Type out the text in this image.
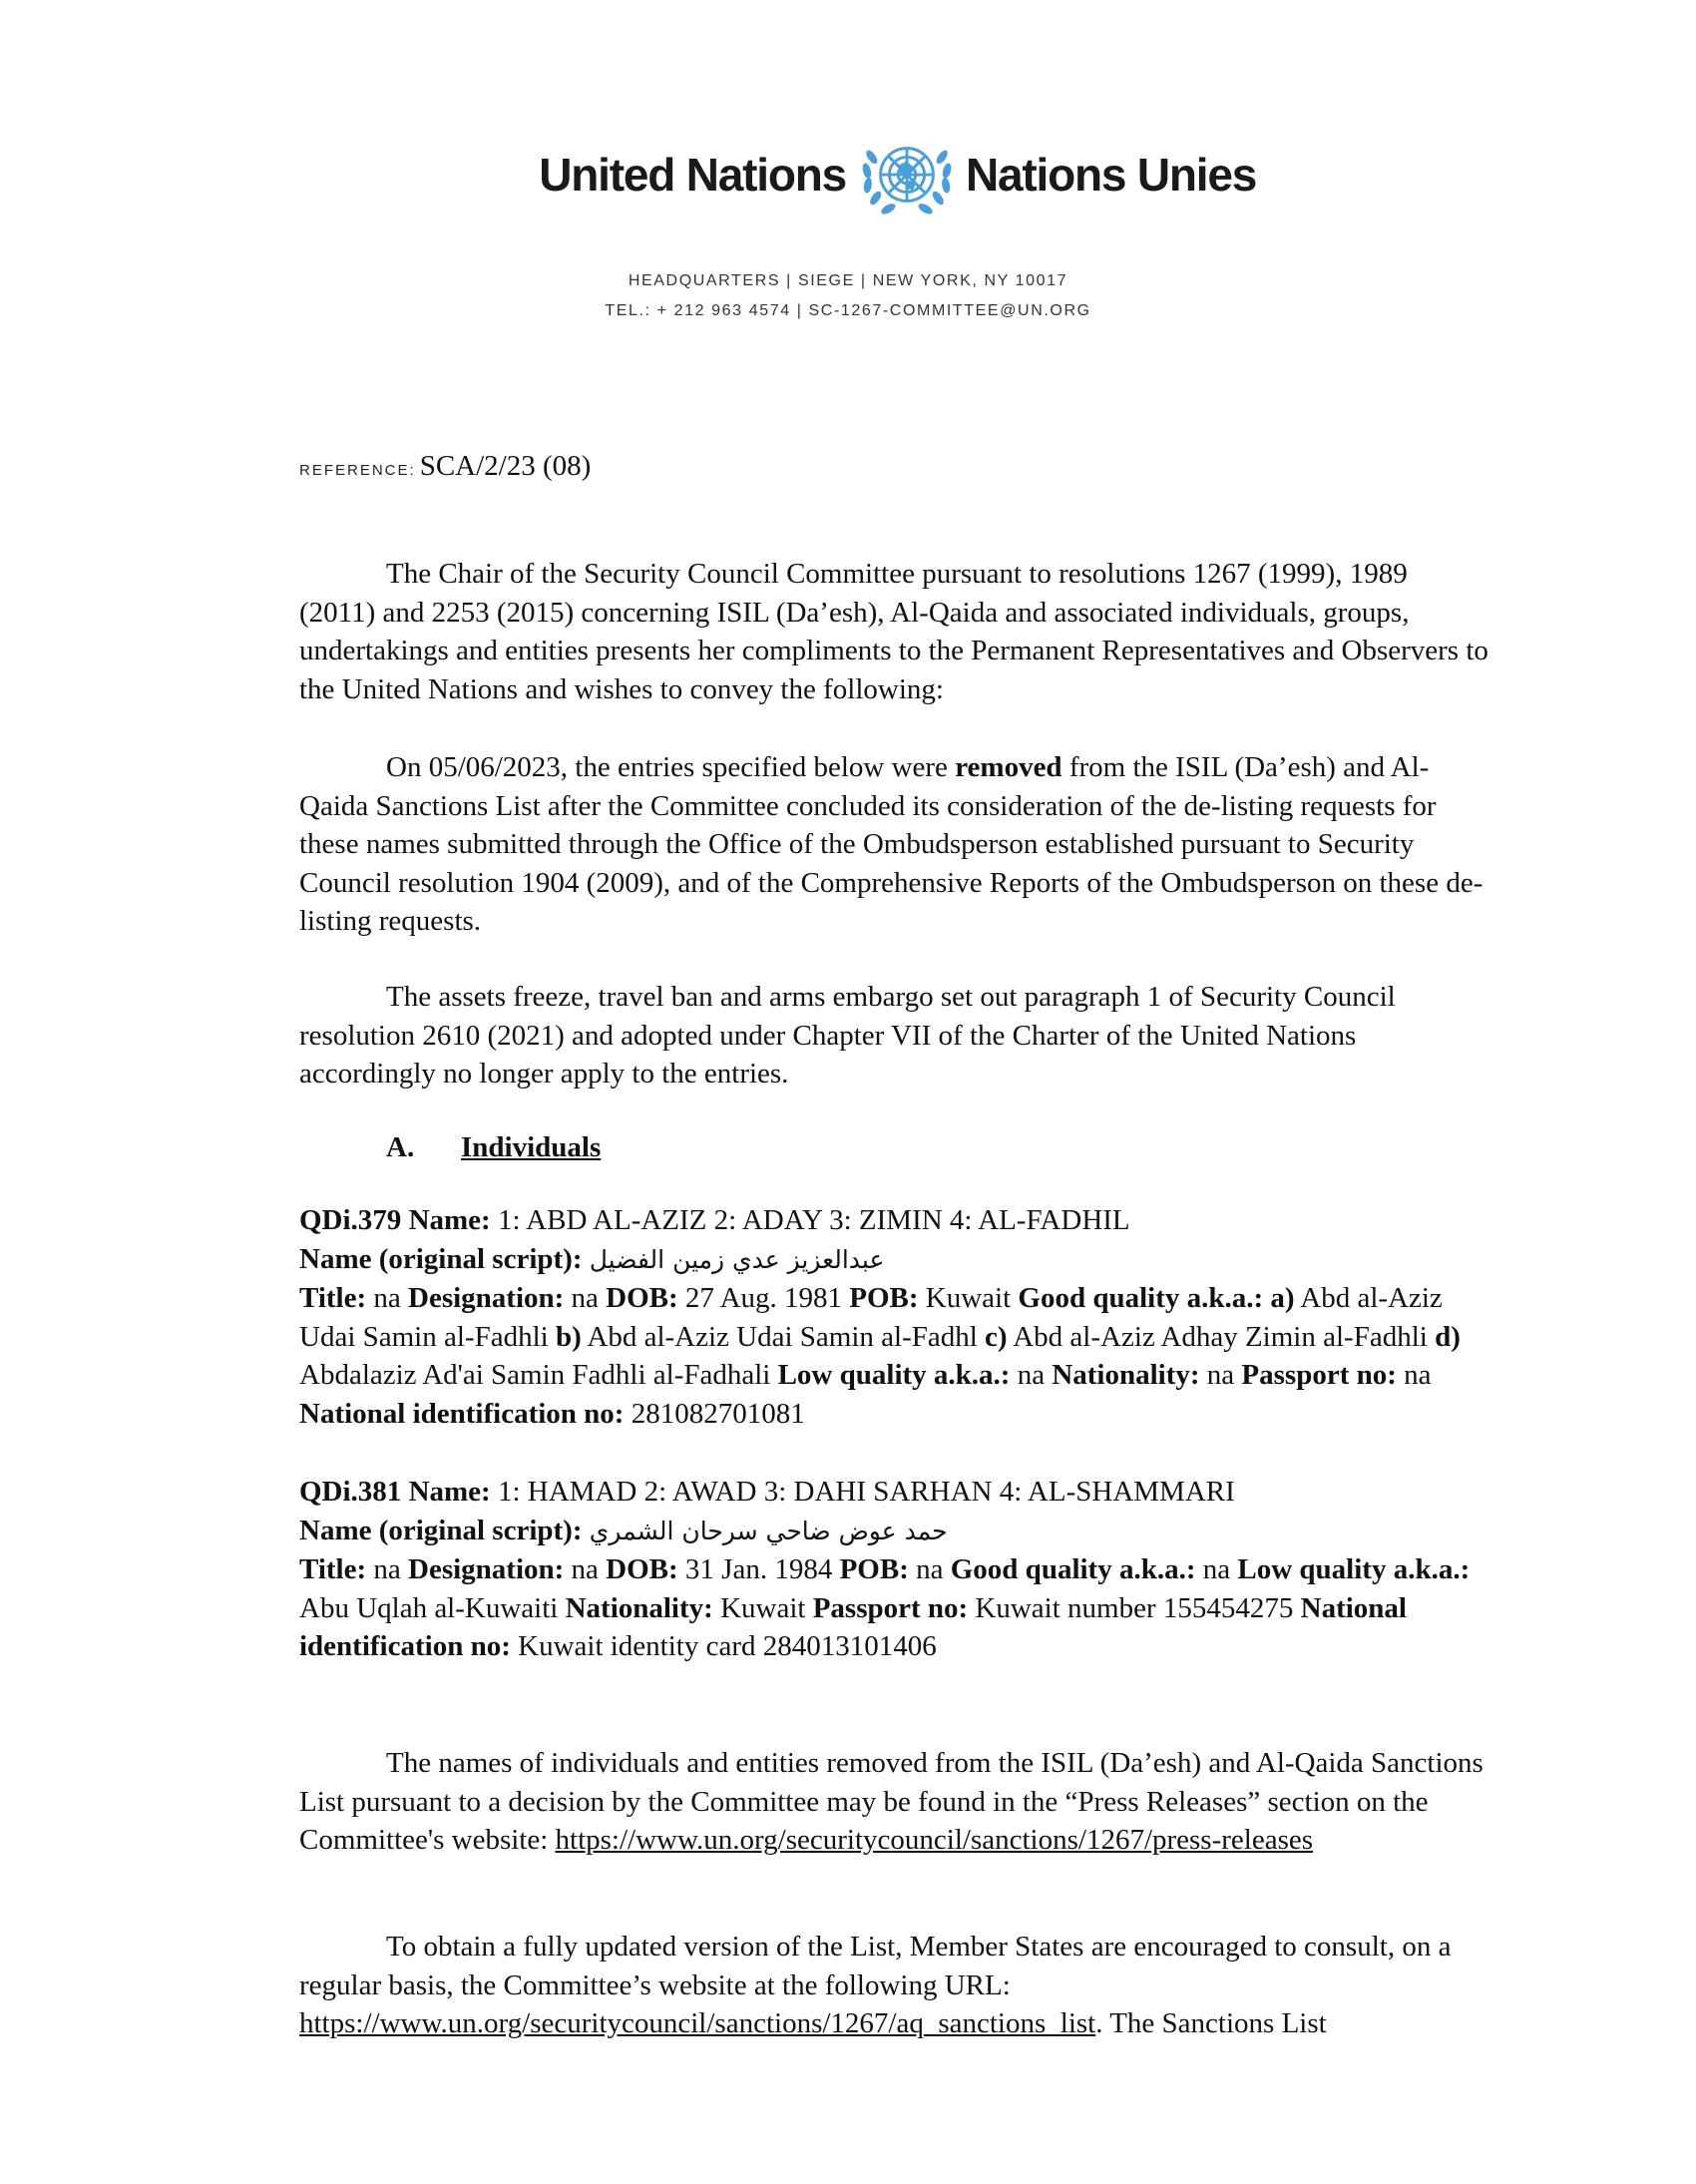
United Nations	Nations Unies
HEADQUARTERS | SIEGE | NEW YORK, NY 10017
TEL.: + 212 963 4574 | SC-1267-COMMITTEE@UN.ORG
REFERENCE: SCA/2/23 (08)

The Chair of the Security Council Committee pursuant to resolutions 1267 (1999), 1989 (2011) and 2253 (2015) concerning ISIL (Da’esh), Al-Qaida and associated individuals, groups, undertakings and entities presents her compliments to the Permanent Representatives and Observers to the United Nations and wishes to convey the following:

On 05/06/2023, the entries specified below were removed from the ISIL (Da’esh) and Al-Qaida Sanctions List after the Committee concluded its consideration of the de-listing requests for these names submitted through the Office of the Ombudsperson established pursuant to Security Council resolution 1904 (2009), and of the Comprehensive Reports of the Ombudsperson on these de-listing requests.

The assets freeze, travel ban and arms embargo set out paragraph 1 of Security Council resolution 2610 (2021) and adopted under Chapter VII of the Charter of the United Nations accordingly no longer apply to the entries.

A. Individuals
QDi.379 Name: 1: ABD AL-AZIZ 2: ADAY 3: ZIMIN 4: AL-FADHIL
Name (original script): عبدالعزيز عدي زمين الفضيل
Title: na Designation: na DOB: 27 Aug. 1981 POB: Kuwait Good quality a.k.a.: a) Abd al-Aziz Udai Samin al-Fadhli b) Abd al-Aziz Udai Samin al-Fadhl c) Abd al-Aziz Adhay Zimin al-Fadhli d) Abdalaziz Ad'ai Samin Fadhli al-Fadhali Low quality a.k.a.: na Nationality: na Passport no: na National identification no: 281082701081
QDi.381 Name: 1: HAMAD 2: AWAD 3: DAHI SARHAN 4: AL-SHAMMARI
Name (original script): حمد عوض ضاحي سرحان الشمري
Title: na Designation: na DOB: 31 Jan. 1984 POB: na Good quality a.k.a.: na Low quality a.k.a.: Abu Uqlah al-Kuwaiti Nationality: Kuwait Passport no: Kuwait number 155454275 National identification no: Kuwait identity card 284013101406

The names of individuals and entities removed from the ISIL (Da’esh) and Al-Qaida Sanctions List pursuant to a decision by the Committee may be found in the “Press Releases” section on the Committee's website: https://www.un.org/securitycouncil/sanctions/1267/press-releases

To obtain a fully updated version of the List, Member States are encouraged to consult, on a regular basis, the Committee’s website at the following URL: https://www.un.org/securitycouncil/sanctions/1267/aq_sanctions_list. The Sanctions List
